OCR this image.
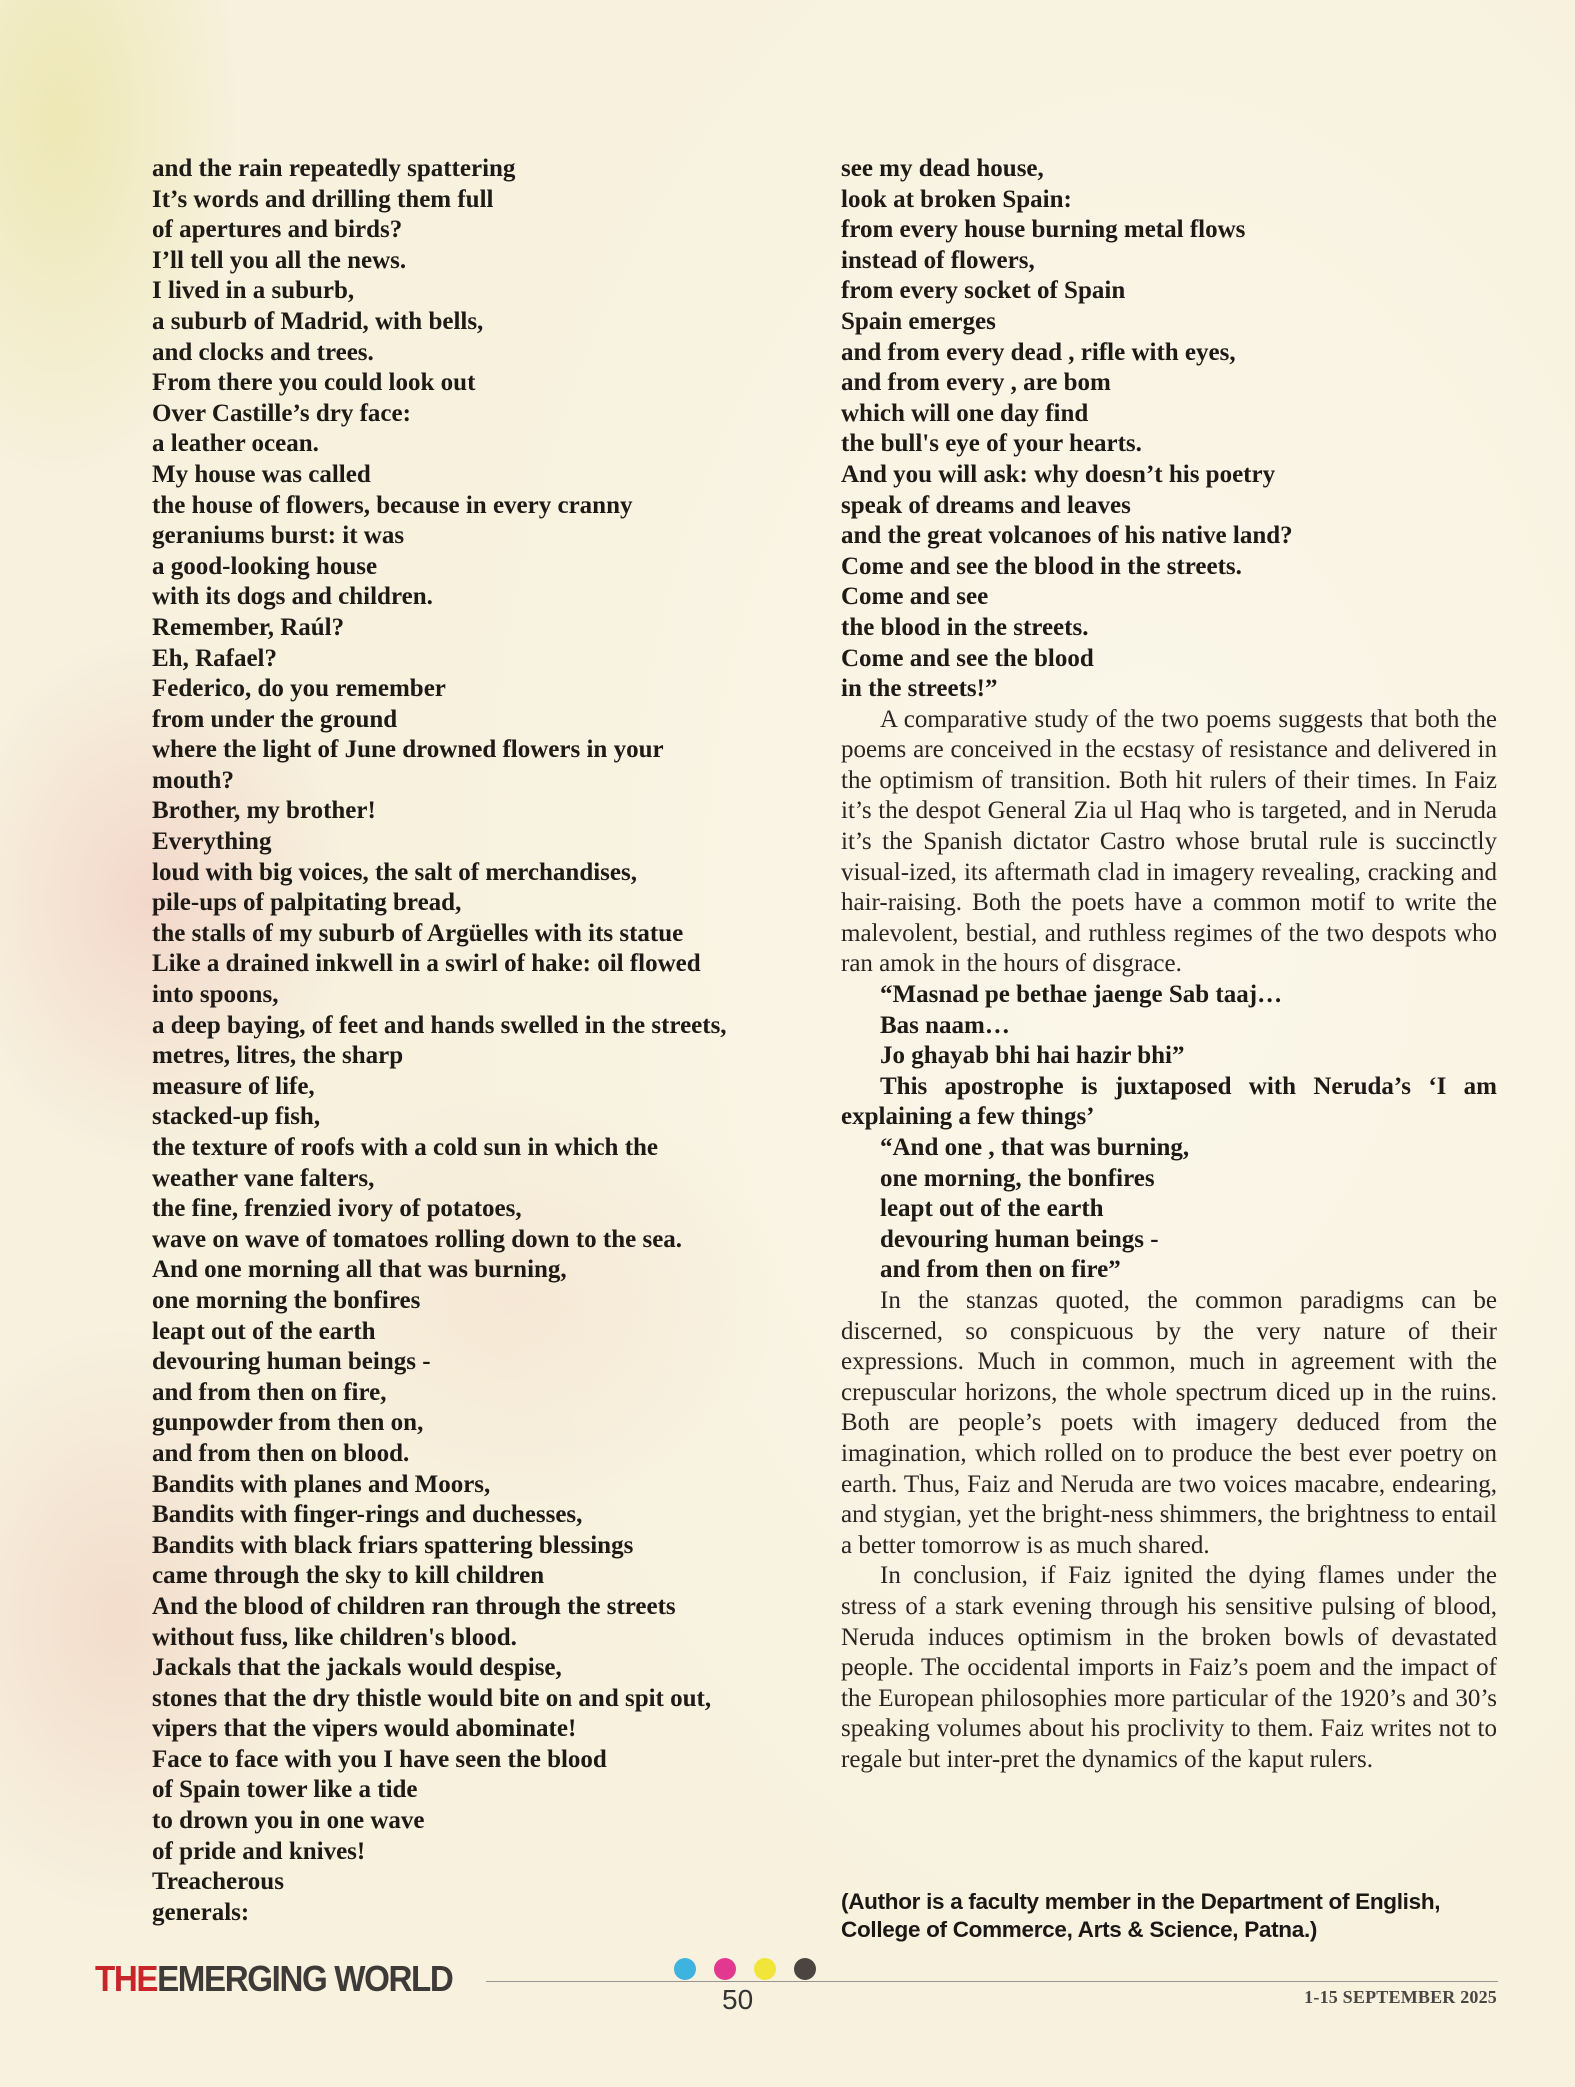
and the rain repeatedly spattering
It’s words and drilling them full
of apertures and birds?
I’ll tell you all the news.
I lived in a suburb,
a suburb of Madrid, with bells,
and clocks and trees.
From there you could look out
Over Castille’s dry face:
a leather ocean.
My house was called
the house of flowers, because in every cranny
geraniums burst: it was
a good-looking house
with its dogs and children.
Remember, Raúl?
Eh, Rafael?
Federico, do you remember
from under the ground
where the light of June drowned flowers in your
mouth?
Brother, my brother!
Everything
loud with big voices, the salt of merchandises,
pile-ups of palpitating bread,
the stalls of my suburb of Argüelles with its statue
Like a drained inkwell in a swirl of hake: oil flowed
into spoons,
a deep baying, of feet and hands swelled in the streets,
metres, litres, the sharp
measure of life,
stacked-up fish,
the texture of roofs with a cold sun in which the
weather vane falters,
the fine, frenzied ivory of potatoes,
wave on wave of tomatoes rolling down to the sea.
And one morning all that was burning,
one morning the bonfires
leapt out of the earth
devouring human beings -
and from then on fire,
gunpowder from then on,
and from then on blood.
Bandits with planes and Moors,
Bandits with finger-rings and duchesses,
Bandits with black friars spattering blessings
came through the sky to kill children
And the blood of children ran through the streets
without fuss, like children's blood.
Jackals that the jackals would despise,
stones that the dry thistle would bite on and spit out,
vipers that the vipers would abominate!
Face to face with you I have seen the blood
of Spain tower like a tide
to drown you in one wave
of pride and knives!
Treacherous
generals:
see my dead house,
look at broken Spain:
from every house burning metal flows
instead of flowers,
from every socket of Spain
Spain emerges
and from every dead , rifle with eyes,
and from every , are bom
which will one day find
the bull's eye of your hearts.
And you will ask: why doesn’t his poetry
speak of dreams and leaves
and the great volcanoes of his native land?
Come and see the blood in the streets.
Come and see
the blood in the streets.
Come and see the blood
in the streets!”

A comparative study of the two poems suggests that both the poems are conceived in the ecstasy of resistance and delivered in the optimism of transition. Both hit rulers of their times. In Faiz it’s the despot General Zia ul Haq who is targeted, and in Neruda it’s the Spanish dictator Castro whose brutal rule is succinctly visual-ized, its aftermath clad in imagery revealing, cracking and hair-raising. Both the poets have a common motif to write the malevolent, bestial, and ruthless regimes of the two despots who ran amok in the hours of disgrace.

“Masnad pe bethae jaenge Sab taaj…
Bas naam…
Jo ghayab bhi hai hazir bhi”

This apostrophe is juxtaposed with Neruda’s ‘I am explaining a few things’

“And one , that was burning,
one morning, the bonfires
leapt out of the earth
devouring human beings -
and from then on fire”

In the stanzas quoted, the common paradigms can be discerned, so conspicuous by the very nature of their expressions. Much in common, much in agreement with the crepuscular horizons, the whole spectrum diced up in the ruins. Both are people’s poets with imagery deduced from the imagination, which rolled on to produce the best ever poetry on earth. Thus, Faiz and Neruda are two voices macabre, endearing, and stygian, yet the bright-ness shimmers, the brightness to entail a better tomorrow is as much shared.

In conclusion, if Faiz ignited the dying flames under the stress of a stark evening through his sensitive pulsing of blood, Neruda induces optimism in the broken bowls of devastated people. The occidental imports in Faiz’s poem and the impact of the European philosophies more particular of the 1920’s and 30’s speaking volumes about his proclivity to them. Faiz writes not to regale but inter-pret the dynamics of the kaput rulers.

(Author is a faculty member in the Department of English, College of Commerce, Arts & Science, Patna.)
THEEMERGING WORLD
50	1-15 SEPTEMBER 2025
